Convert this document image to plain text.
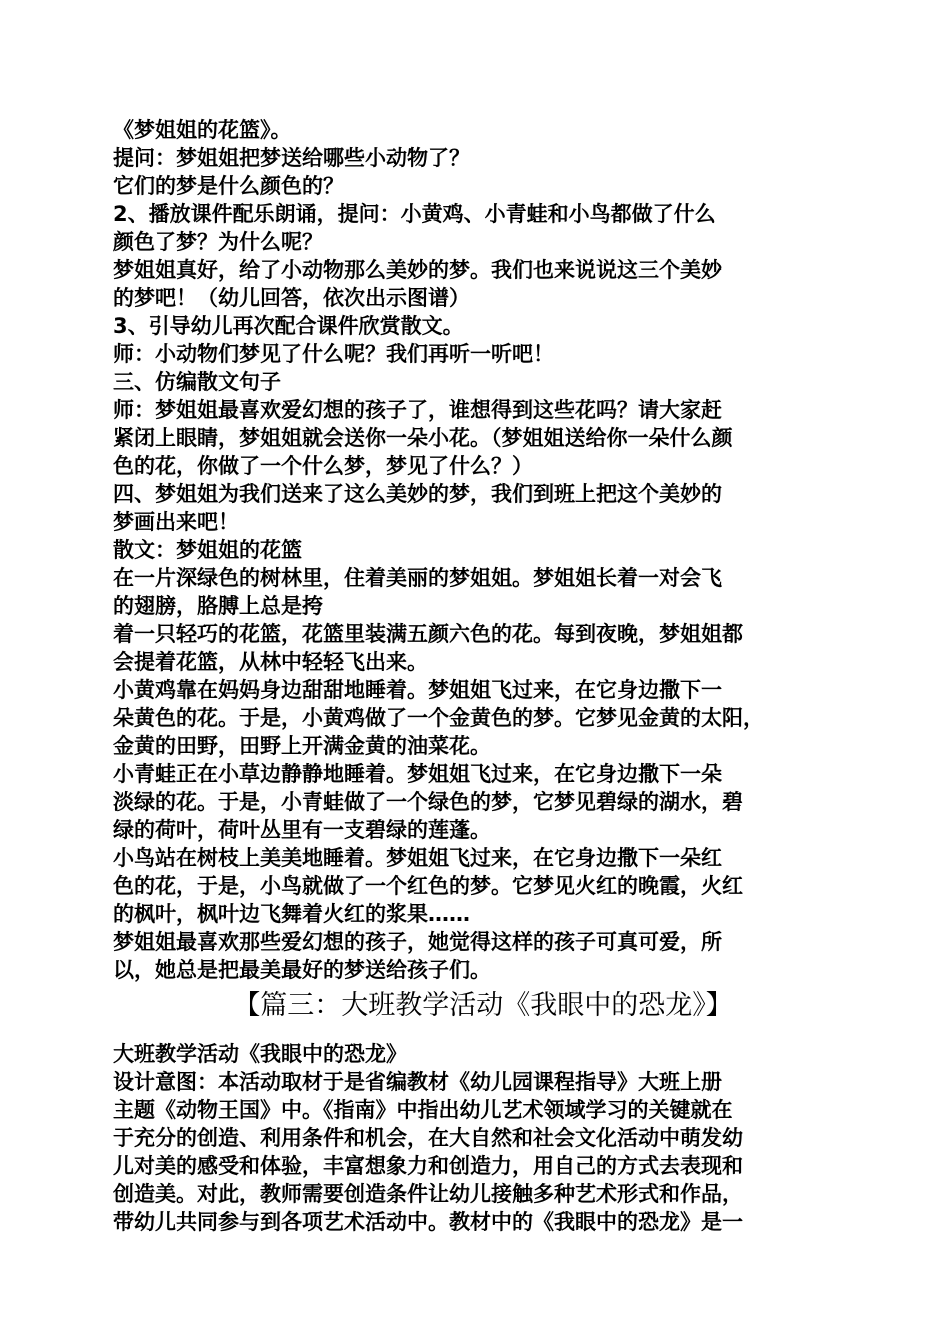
《梦姐姐的花篮》。
提问：梦姐姐把梦送给哪些小动物了？
它们的梦是什么颜色的？
2、播放课件配乐朗诵，提问：小黄鸡、小青蛙和小鸟都做了什么
颜色了梦？为什么呢？
梦姐姐真好，给了小动物那么美妙的梦。我们也来说说这三个美妙
的梦吧！（幼儿回答，依次出示图谱）
3、引导幼儿再次配合课件欣赏散文。
师：小动物们梦见了什么呢？我们再听一听吧！
三、仿编散文句子
师：梦姐姐最喜欢爱幻想的孩子了，谁想得到这些花吗？请大家赶
紧闭上眼睛，梦姐姐就会送你一朵小花。（梦姐姐送给你一朵什么颜
色的花，你做了一个什么梦，梦见了什么？）
四、梦姐姐为我们送来了这么美妙的梦，我们到班上把这个美妙的
梦画出来吧！
散文：梦姐姐的花篮
在一片深绿色的树林里，住着美丽的梦姐姐。梦姐姐长着一对会飞
的翅膀，胳膊上总是挎
着一只轻巧的花篮，花篮里装满五颜六色的花。每到夜晚，梦姐姐都
会提着花篮，从林中轻轻飞出来。
小黄鸡靠在妈妈身边甜甜地睡着。梦姐姐飞过来，在它身边撒下一
朵黄色的花。于是，小黄鸡做了一个金黄色的梦。它梦见金黄的太阳，
金黄的田野，田野上开满金黄的油菜花。
小青蛙正在小草边静静地睡着。梦姐姐飞过来，在它身边撒下一朵
淡绿的花。于是，小青蛙做了一个绿色的梦，它梦见碧绿的湖水，碧
绿的荷叶，荷叶丛里有一支碧绿的莲蓬。
小鸟站在树枝上美美地睡着。梦姐姐飞过来，在它身边撒下一朵红
色的花，于是，小鸟就做了一个红色的梦。它梦见火红的晚霞，火红
的枫叶，枫叶边飞舞着火红的浆果……
梦姐姐最喜欢那些爱幻想的孩子，她觉得这样的孩子可真可爱，所
以，她总是把最美最好的梦送给孩子们。
【篇三：大班教学活动《我眼中的恐龙》】
大班教学活动《我眼中的恐龙》
设计意图：本活动取材于是省编教材《幼儿园课程指导》大班上册
主题《动物王国》中。《指南》中指出幼儿艺术领域学习的关键就在
于充分的创造、利用条件和机会，在大自然和社会文化活动中萌发幼
儿对美的感受和体验，丰富想象力和创造力，用自己的方式去表现和
创造美。对此，教师需要创造条件让幼儿接触多种艺术形式和作品，
带幼儿共同参与到各项艺术活动中。教材中的《我眼中的恐龙》是一
